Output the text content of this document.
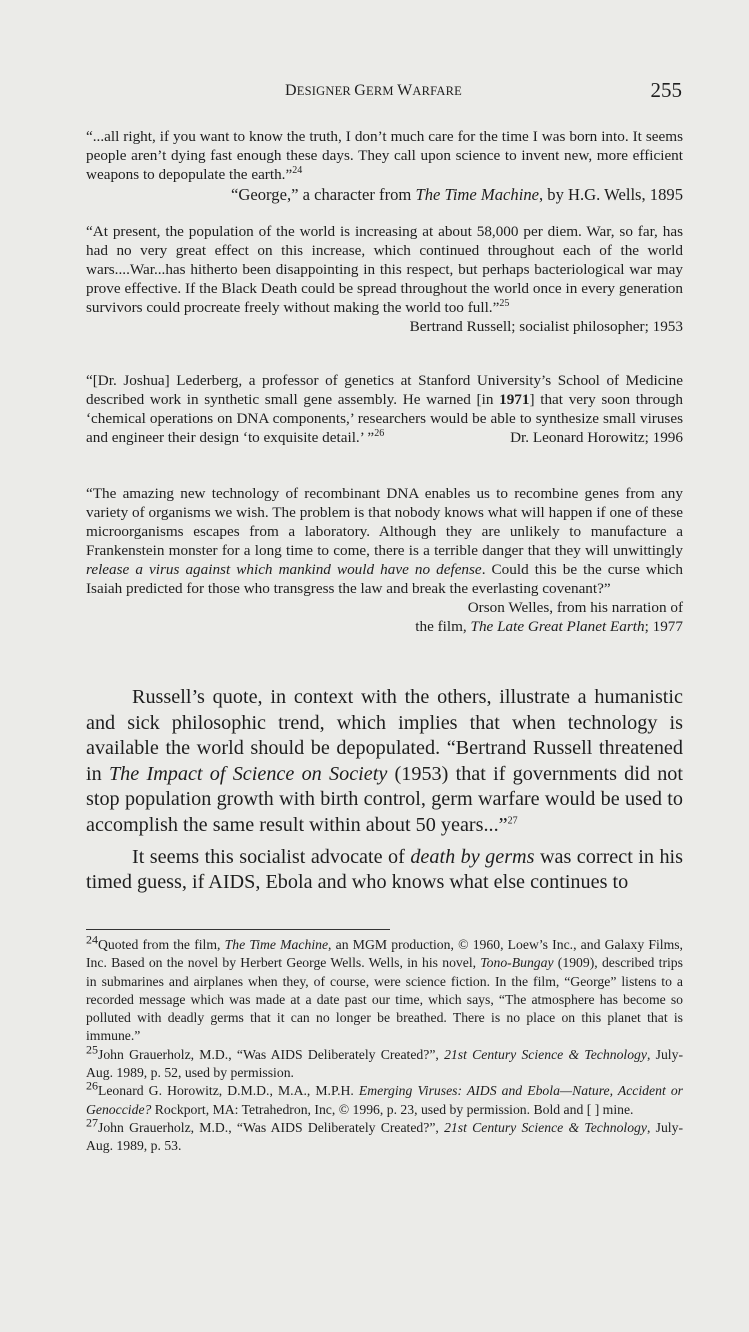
DESIGNER GERM WARFARE	255

“...all right, if you want to know the truth, I don’t much care for the time I was born into. It seems people aren’t dying fast enough these days. They call upon science to invent new, more efficient weapons to depopulate the earth.”$^{24}$

“George,” a character from The Time Machine, by H.G. Wells, 1895

“At present, the population of the world is increasing at about 58,000 per diem. War, so far, has had no very great effect on this increase, which continued throughout each of the world wars....War...has hitherto been disappointing in this respect, but perhaps bacteriological war may prove effective. If the Black Death could be spread throughout the world once in every generation survivors could procreate freely without making the world too full.”$^{25}$

Bertrand Russell; socialist philosopher; 1953

“[Dr. Joshua] Lederberg, a professor of genetics at Stanford University’s School of Medicine described work in synthetic small gene assembly. He warned [in 1971] that very soon through ‘chemical operations on DNA components,’ researchers would be able to synthesize small viruses and engineer their design ‘to exquisite detail.’ ”$^{26}$	Dr. Leonard Horowitz; 1996

“The amazing new technology of recombinant DNA enables us to recombine genes from any variety of organisms we wish. The problem is that nobody knows what will happen if one of these microorganisms escapes from a laboratory. Although they are unlikely to manufacture a Frankenstein monster for a long time to come, there is a terrible danger that they will unwittingly release a virus against which mankind would have no defense. Could this be the curse which Isaiah predicted for those who transgress the law and break the everlasting covenant?”

Orson Welles, from his narration of

the film, The Late Great Planet Earth; 1977

Russell’s quote, in context with the others, illustrate a humanistic and sick philosophic trend, which implies that when technology is available the world should be depopulated. “Bertrand Russell threatened in The Impact of Science on Society (1953) that if governments did not stop population growth with birth control, germ warfare would be used to accomplish the same result within about 50 years...”$^{27}$

It seems this socialist advocate of death by germs was correct in his timed guess, if AIDS, Ebola and who knows what else continues to

$^{24}$Quoted from the film, The Time Machine, an MGM production, © 1960, Loew’s Inc., and Galaxy Films, Inc. Based on the novel by Herbert George Wells. Wells, in his novel, Tono-Bungay (1909), described trips in submarines and airplanes when they, of course, were science fiction. In the film, “George” listens to a recorded message which was made at a date past our time, which says, “The atmosphere has become so polluted with deadly germs that it can no longer be breathed. There is no place on this planet that is immune.”

$^{25}$John Grauerholz, M.D., “Was AIDS Deliberately Created?”, 21st Century Science & Technology, July-Aug. 1989, p. 52, used by permission.

$^{26}$Leonard G. Horowitz, D.M.D., M.A., M.P.H. Emerging Viruses: AIDS and Ebola—Nature, Accident or Genoccide? Rockport, MA: Tetrahedron, Inc, © 1996, p. 23, used by permission. Bold and [ ] mine.

$^{27}$John Grauerholz, M.D., “Was AIDS Deliberately Created?”, 21st Century Science & Technology, July-Aug. 1989, p. 53.
